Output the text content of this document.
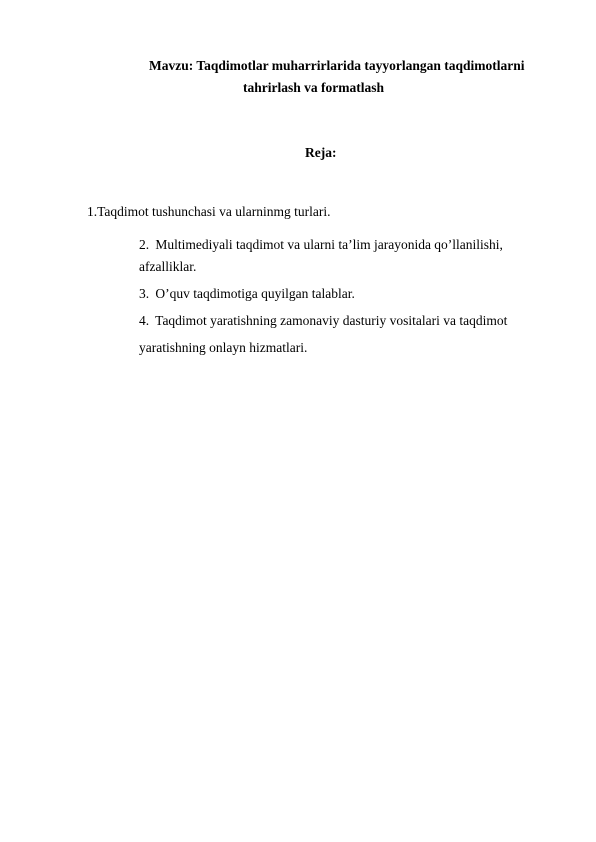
Mavzu: Taqdimotlar muharrirlarida tayyorlangan taqdimotlarni
tahrirlash va formatlash
Reja:
1.Taqdimot tushunchasi va ularninmg turlari.
2. Multimediyali taqdimot va ularni ta’lim jarayonida qo’llanilishi,
afzalliklar.
3. O’quv taqdimotiga quyilgan talablar.
4. Taqdimot yaratishning zamonaviy dasturiy vositalari va taqdimot
yaratishning onlayn hizmatlari.
